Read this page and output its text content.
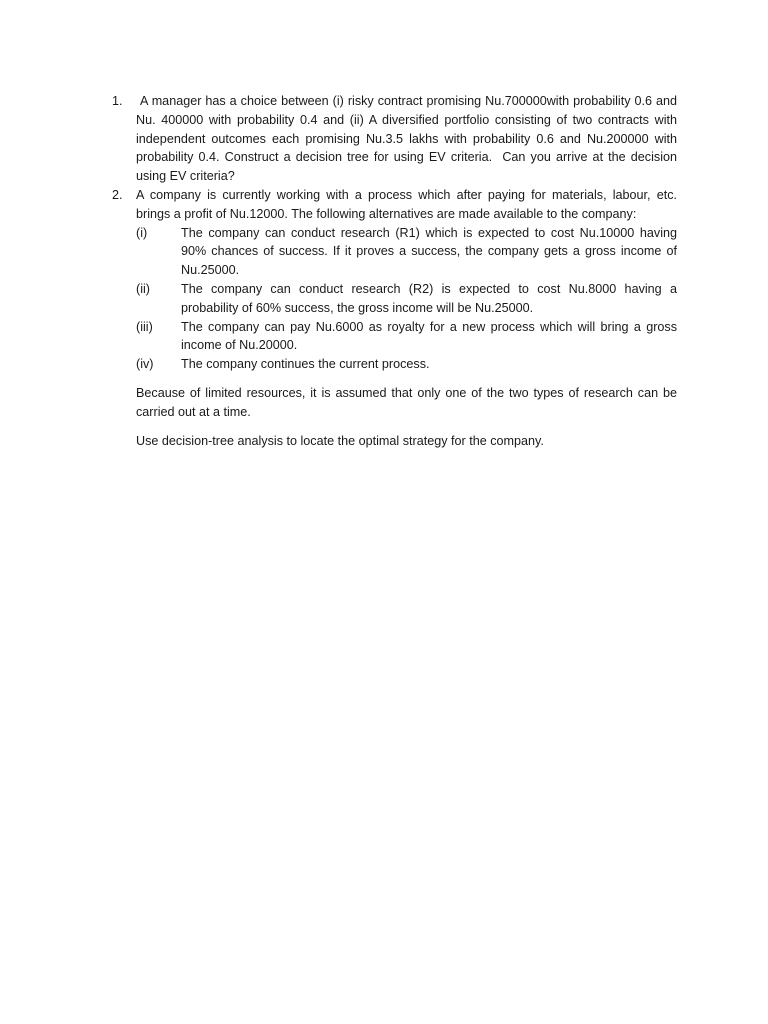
1. A manager has a choice between (i) risky contract promising Nu.700000with probability 0.6 and Nu. 400000 with probability 0.4 and (ii) A diversified portfolio consisting of two contracts with independent outcomes each promising Nu.3.5 lakhs with probability 0.6 and Nu.200000 with probability 0.4. Construct a decision tree for using EV criteria.  Can you arrive at the decision using EV criteria?
2. A company is currently working with a process which after paying for materials, labour, etc. brings a profit of Nu.12000. The following alternatives are made available to the company:
(i)	The company can conduct research (R1) which is expected to cost Nu.10000 having 90% chances of success. If it proves a success, the company gets a gross income of Nu.25000.
(ii) The company can conduct research (R2) is expected to cost Nu.8000 having a probability of 60% success, the gross income will be Nu.25000.
(iii) The company can pay Nu.6000 as royalty for a new process which will bring a gross income of Nu.20000.
(iv) The company continues the current process.
Because of limited resources, it is assumed that only one of the two types of research can be carried out at a time.
Use decision-tree analysis to locate the optimal strategy for the company.
